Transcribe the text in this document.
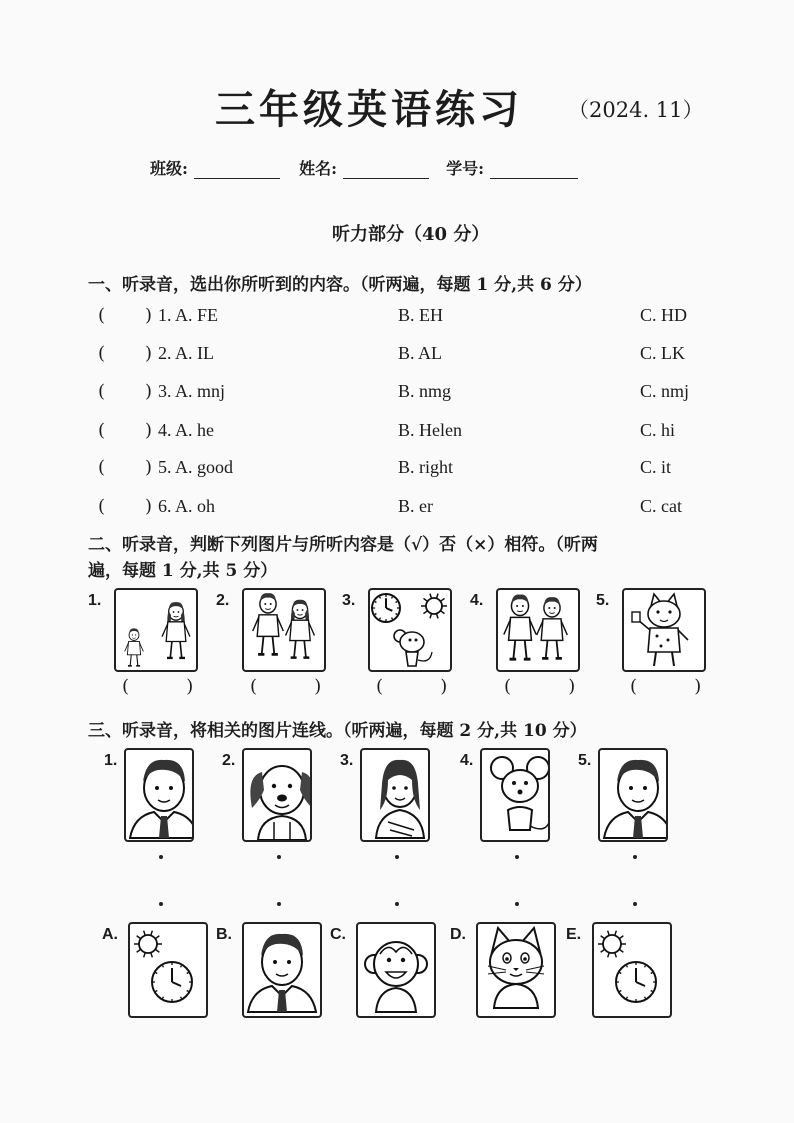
三年级英语练习 （2024. 11）
班级:	姓名:	学号:
听力部分（40 分）
一、听录音，选出你所听到的内容。（听两遍，每题 1 分,共 6 分）
( ) 1. A. FE	B. EH	C. HD
( ) 2. A. IL	B. AL	C. LK
( ) 3. A. mnj	B. nmg	C. nmj
( ) 4. A. he	B. Helen	C. hi
( ) 5. A. good	B. right	C. it
( ) 6. A. oh	B. er	C. cat
二、听录音，判断下列图片与所听内容是（√）否（×）相符。（听两
遍，每题 1 分,共 5 分）
1.
(          )
2.
(          )
3.
(          )
4.
(          )
5.
(          )
三、听录音，将相关的图片连线。（听两遍，每题 2 分,共 10 分）
1.	2.	3.	4.	5.
A.	B.	C.	D.	E.
